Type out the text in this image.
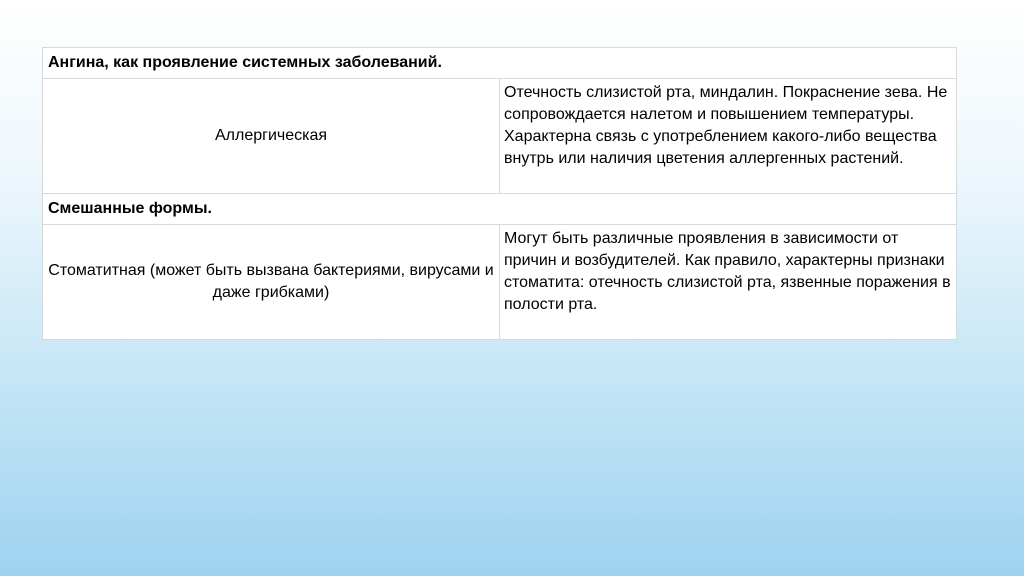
Ангина, как проявление системных заболеваний.	
Аллергическая	Отечность слизистой рта, миндалин. Покраснение зева. Не сопровождается налетом и повышением температуры. Характерна связь с употреблением какого-либо вещества внутрь или наличия цветения аллергенных растений.
Смешанные формы.	
Стоматитная (может быть вызвана бактериями, вирусами и даже грибками)	Могут быть различные проявления в зависимости от причин и возбудителей. Как правило, характерны признаки стоматита: отечность слизистой рта, язвенные поражения в полости рта.
